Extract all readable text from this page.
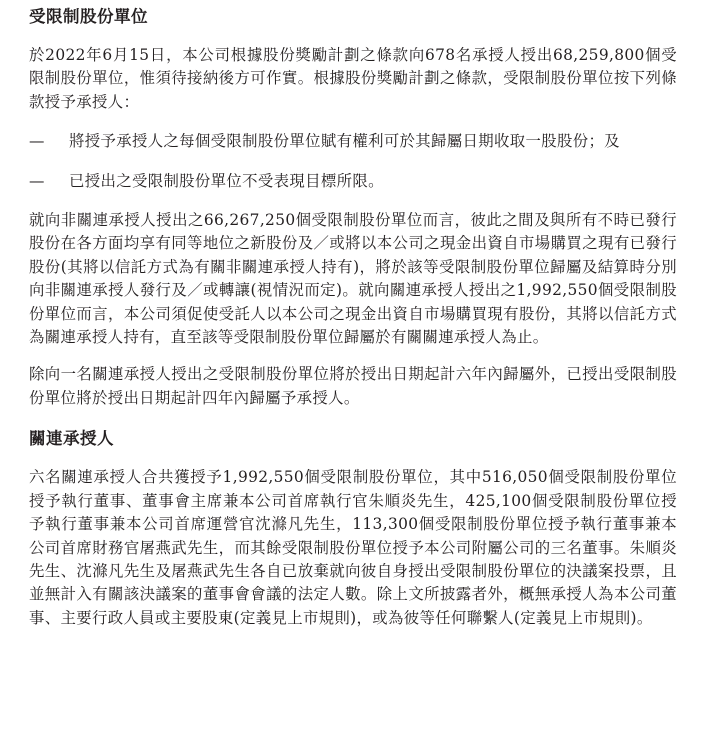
受限制股份單位

於2022年6月15日，本公司根據股份獎勵計劃之條款向678名承授人授出68,259,800個受限制股份單位，惟須待接納後方可作實。根據股份獎勵計劃之條款，受限制股份單位按下列條款授予承授人：

—	將授予承授人之每個受限制股份單位賦有權利可於其歸屬日期收取一股股份；及
—	已授出之受限制股份單位不受表現目標所限。

就向非關連承授人授出之66,267,250個受限制股份單位而言，彼此之間及與所有不時已發行股份在各方面均享有同等地位之新股份及／或將以本公司之現金出資自市場購買之現有已發行股份(其將以信託方式為有關非關連承授人持有)，將於該等受限制股份單位歸屬及結算時分別向非關連承授人發行及／或轉讓(視情況而定)。就向關連承授人授出之1,992,550個受限制股份單位而言，本公司須促使受託人以本公司之現金出資自市場購買現有股份，其將以信託方式為關連承授人持有，直至該等受限制股份單位歸屬於有關關連承授人為止。

除向一名關連承授人授出之受限制股份單位將於授出日期起計六年內歸屬外，已授出受限制股份單位將於授出日期起計四年內歸屬予承授人。

關連承授人

六名關連承授人合共獲授予1,992,550個受限制股份單位，其中516,050個受限制股份單位授予執行董事、董事會主席兼本公司首席執行官朱順炎先生，425,100個受限制股份單位授予執行董事兼本公司首席運營官沈滌凡先生，113,300個受限制股份單位授予執行董事兼本公司首席財務官屠燕武先生，而其餘受限制股份單位授予本公司附屬公司的三名董事。朱順炎先生、沈滌凡先生及屠燕武先生各自已放棄就向彼自身授出受限制股份單位的決議案投票，且並無計入有關該決議案的董事會會議的法定人數。除上文所披露者外，概無承授人為本公司董事、主要行政人員或主要股東(定義見上市規則)，或為彼等任何聯繫人(定義見上市規則)。
